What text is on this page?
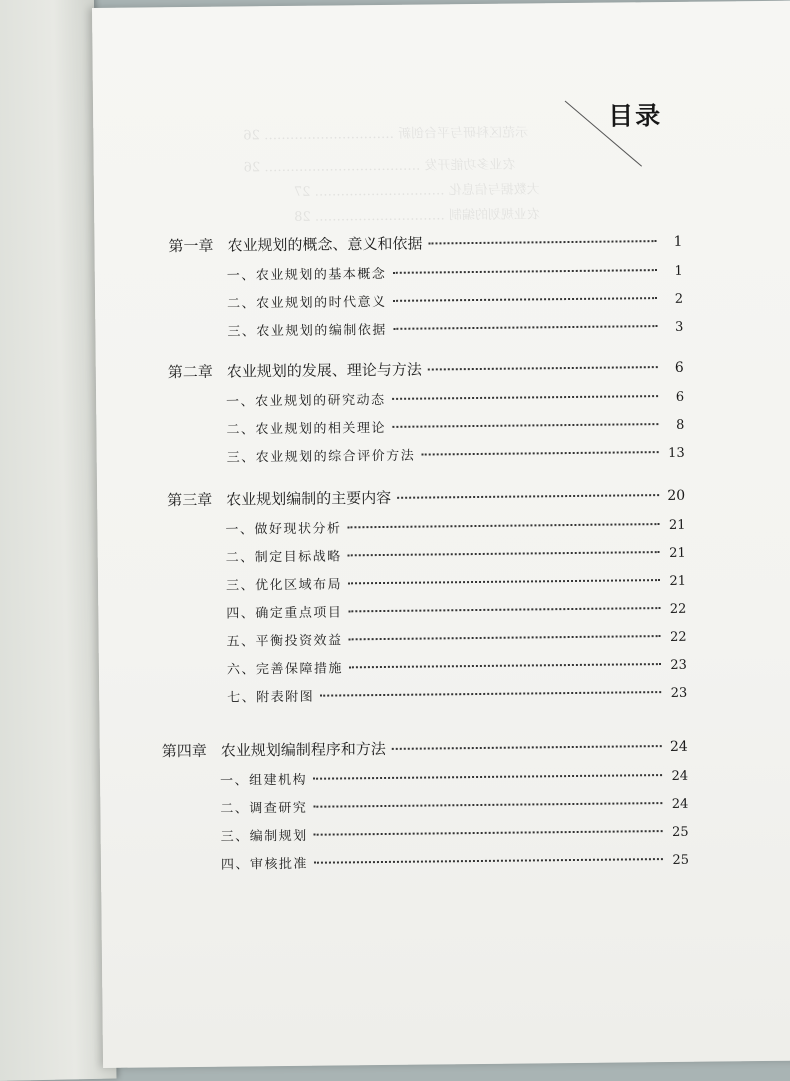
目录
示范区科研与平台创新 ………………………… 26
农业多功能开发 ……………………………… 26
大数据与信息化 ………………………… 27
农业规划的编制 ………………………… 28
第一章 农业规划的概念、意义和依据	1
一、农业规划的基本概念	1
二、农业规划的时代意义	2
三、农业规划的编制依据	3
第二章 农业规划的发展、理论与方法	6
一、农业规划的研究动态	6
二、农业规划的相关理论	8
三、农业规划的综合评价方法	13
第三章 农业规划编制的主要内容	20
一、做好现状分析	21
二、制定目标战略	21
三、优化区域布局	21
四、确定重点项目	22
五、平衡投资效益	22
六、完善保障措施	23
七、附表附图	23
第四章 农业规划编制程序和方法	24
一、组建机构	24
二、调查研究	24
三、编制规划	25
四、审核批准	25
